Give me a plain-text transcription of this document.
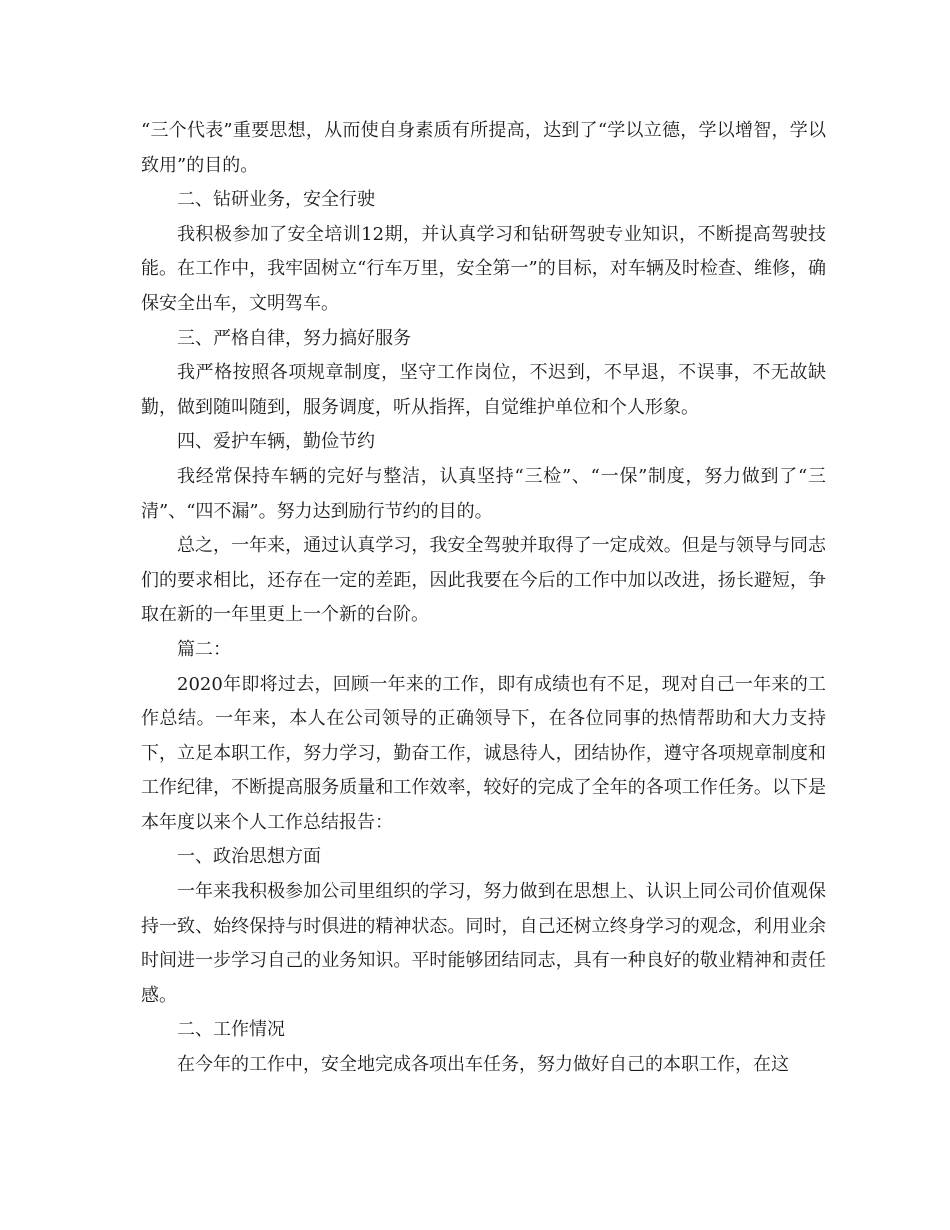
“三个代表”重要思想，从而使自身素质有所提高，达到了“学以立德，学以增智，学以致用”的目的。

二、钻研业务，安全行驶

我积极参加了安全培训12期，并认真学习和钻研驾驶专业知识，不断提高驾驶技能。在工作中，我牢固树立“行车万里，安全第一”的目标，对车辆及时检查、维修，确保安全出车，文明驾车。

三、严格自律，努力搞好服务

我严格按照各项规章制度，坚守工作岗位，不迟到，不早退，不误事，不无故缺勤，做到随叫随到，服务调度，听从指挥，自觉维护单位和个人形象。

四、爱护车辆，勤俭节约

我经常保持车辆的完好与整洁，认真坚持“三检”、“一保”制度，努力做到了“三清”、“四不漏”。努力达到励行节约的目的。

总之，一年来，通过认真学习，我安全驾驶并取得了一定成效。但是与领导与同志们的要求相比，还存在一定的差距，因此我要在今后的工作中加以改进，扬长避短，争取在新的一年里更上一个新的台阶。

篇二：

2020年即将过去，回顾一年来的工作，即有成绩也有不足，现对自己一年来的工作总结。一年来，本人在公司领导的正确领导下，在各位同事的热情帮助和大力支持下，立足本职工作，努力学习，勤奋工作，诚恳待人，团结协作，遵守各项规章制度和工作纪律，不断提高服务质量和工作效率，较好的完成了全年的各项工作任务。以下是本年度以来个人工作总结报告：

一、政治思想方面

一年来我积极参加公司里组织的学习，努力做到在思想上、认识上同公司价值观保持一致、始终保持与时俱进的精神状态。同时，自己还树立终身学习的观念，利用业余时间进一步学习自己的业务知识。平时能够团结同志，具有一种良好的敬业精神和责任感。

二、工作情况

在今年的工作中，安全地完成各项出车任务，努力做好自己的本职工作，在这
